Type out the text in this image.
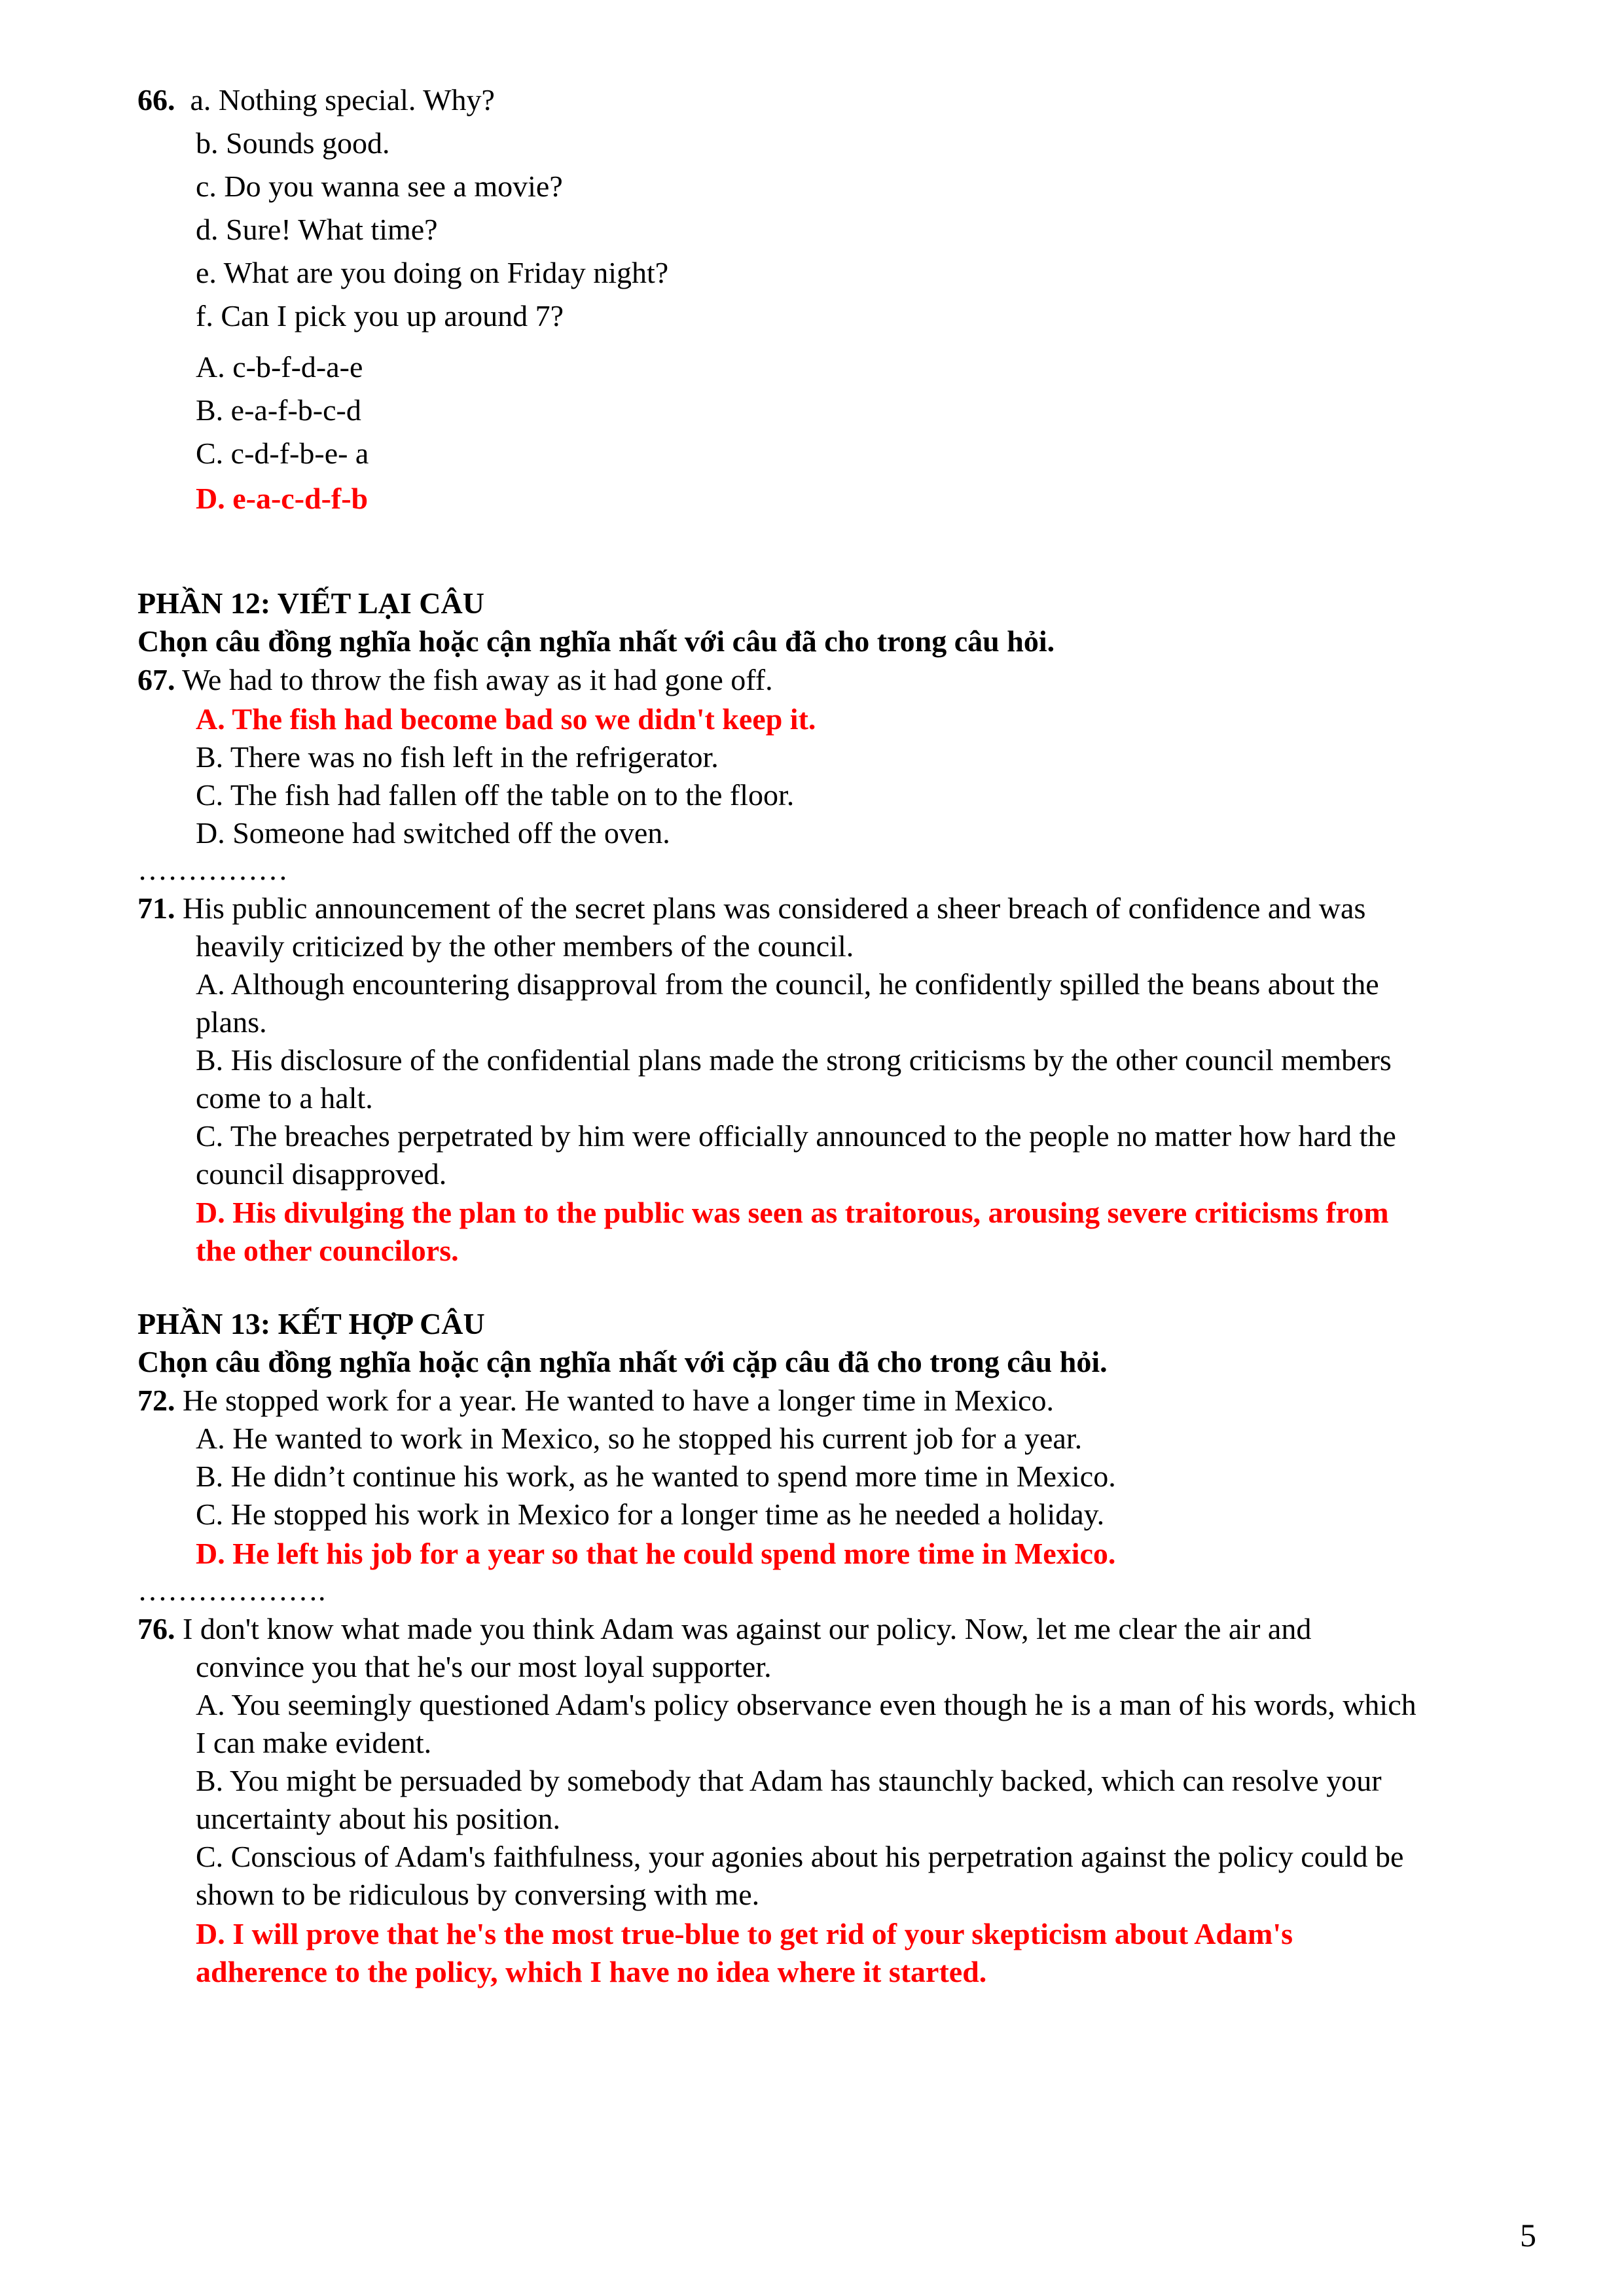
66. a. Nothing special. Why?
b. Sounds good.
c. Do you wanna see a movie?
d. Sure! What time?
e. What are you doing on Friday night?
f. Can I pick you up around 7?
A. c-b-f-d-a-e
B. e-a-f-b-c-d
C. c-d-f-b-e- a
D. e-a-c-d-f-b
PHẦN 12: VIẾT LẠI CÂU
Chọn câu đồng nghĩa hoặc cận nghĩa nhất với câu đã cho trong câu hỏi.
67. We had to throw the fish away as it had gone off.
A. The fish had become bad so we didn't keep it.
B. There was no fish left in the refrigerator.
C. The fish had fallen off the table on to the floor.
D. Someone had switched off the oven.
……………
71. His public announcement of the secret plans was considered a sheer breach of confidence and was
heavily criticized by the other members of the council.
A. Although encountering disapproval from the council, he confidently spilled the beans about the
plans.
B. His disclosure of the confidential plans made the strong criticisms by the other council members
come to a halt.
C. The breaches perpetrated by him were officially announced to the people no matter how hard the
council disapproved.
D. His divulging the plan to the public was seen as traitorous, arousing severe criticisms from
the other councilors.
PHẦN 13: KẾT HỢP CÂU
Chọn câu đồng nghĩa hoặc cận nghĩa nhất với cặp câu đã cho trong câu hỏi.
72. He stopped work for a year. He wanted to have a longer time in Mexico.
A. He wanted to work in Mexico, so he stopped his current job for a year.
B. He didn’t continue his work, as he wanted to spend more time in Mexico.
C. He stopped his work in Mexico for a longer time as he needed a holiday.
D. He left his job for a year so that he could spend more time in Mexico.
……………….
76. I don't know what made you think Adam was against our policy. Now, let me clear the air and
convince you that he's our most loyal supporter.
A. You seemingly questioned Adam's policy observance even though he is a man of his words, which
I can make evident.
B. You might be persuaded by somebody that Adam has staunchly backed, which can resolve your
uncertainty about his position.
C. Conscious of Adam's faithfulness, your agonies about his perpetration against the policy could be
shown to be ridiculous by conversing with me.
D. I will prove that he's the most true-blue to get rid of your skepticism about Adam's
adherence to the policy, which I have no idea where it started.
5
